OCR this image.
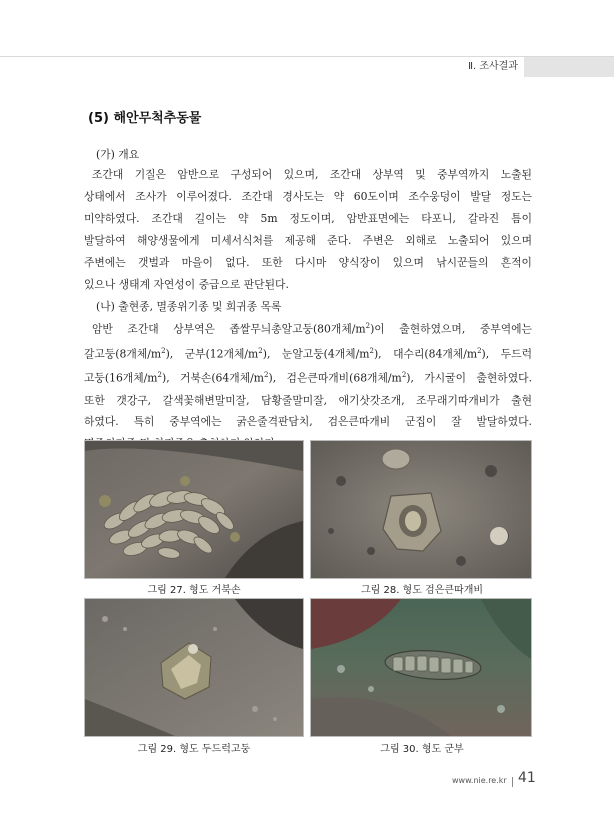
Ⅱ. 조사결과
(5) 해안무척추동물
(가) 개요
조간대 기질은 암반으로 구성되어 있으며, 조간대 상부역 및 중부역까지 노출된
상태에서 조사가 이루어졌다. 조간대 경사도는 약 60도이며 조수웅덩이 발달 정도는
미약하였다. 조간대 길이는 약 5m 정도이며, 암반표면에는 타포니, 갈라진 틈이
발달하여 해양생물에게 미세서식처를 제공해 준다. 주변은 외해로 노출되어 있으며
주변에는 갯벌과 마을이 없다. 또한 다시마 양식장이 있으며 낚시꾼들의 흔적이
있으나 생태계 자연성이 중급으로 판단된다.
(나) 출현종, 멸종위기종 및 희귀종 목록
암반 조간대 상부역은 좁쌀무늬총알고둥(80개체$/m^2$)이 출현하였으며, 중부역에는
갈고둥(8개체$/m^2$), 군부(12개체$/m^2$), 눈알고둥(4개체$/m^2$), 대수리(84개체$/m^2$), 두드럭
고둥(16개체$/m^2$), 거북손(64개체$/m^2$), 검은큰따개비(68개체$/m^2$), 가시굴이 출현하였다.
또한 갯강구, 갈색꽃해변말미잘, 담황줄말미잘, 애기삿갓조개, 조무래기따개비가 출현
하였다. 특히 중부역에는 굵은줄격판담치, 검은큰따개비 군집이 잘 발달하였다.
그림 27. 형도 거북손	그림 28. 형도 검은큰따개비
그림 29. 형도 두드럭고둥	그림 30. 형도 군부
www.nie.re.kr 41
